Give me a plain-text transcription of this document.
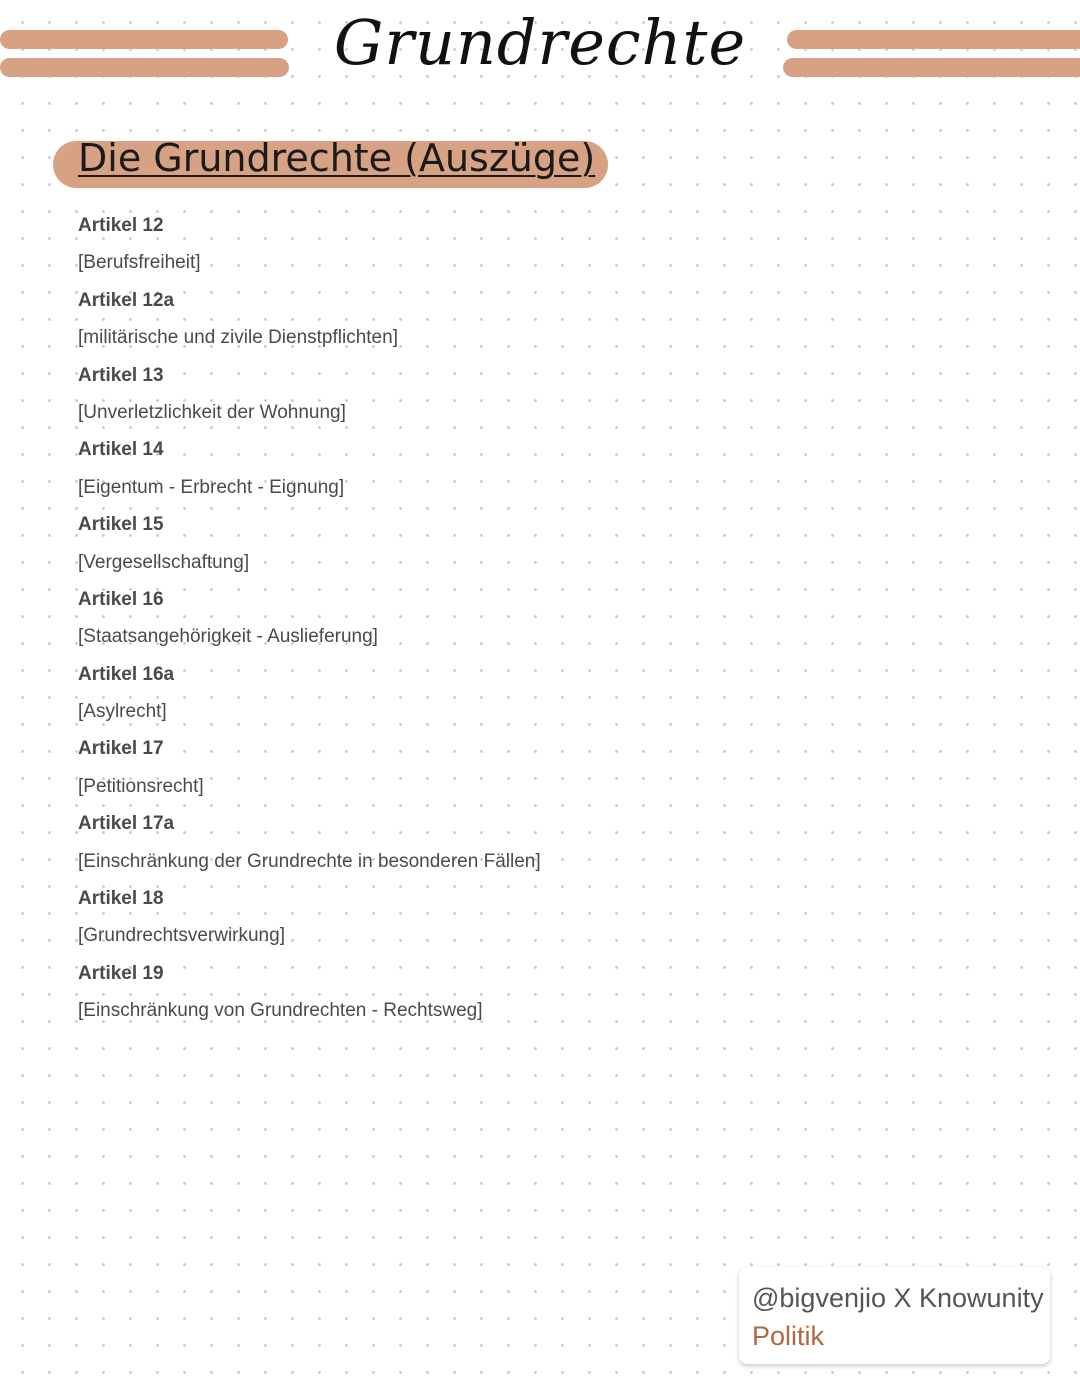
Grundrechte
Die Grundrechte (Auszüge)
Artikel 12
[Berufsfreiheit]
Artikel 12a
[militärische und zivile Dienstpflichten]
Artikel 13
[Unverletzlichkeit der Wohnung]
Artikel 14
[Eigentum - Erbrecht - Eignung]
Artikel 15
[Vergesellschaftung]
Artikel 16
[Staatsangehörigkeit - Auslieferung]
Artikel 16a
[Asylrecht]
Artikel 17
[Petitionsrecht]
Artikel 17a
[Einschränkung der Grundrechte in besonderen Fällen]
Artikel 18
[Grundrechtsverwirkung]
Artikel 19
[Einschränkung von Grundrechten - Rechtsweg]
@bigvenjio X Knowunity
Politik
